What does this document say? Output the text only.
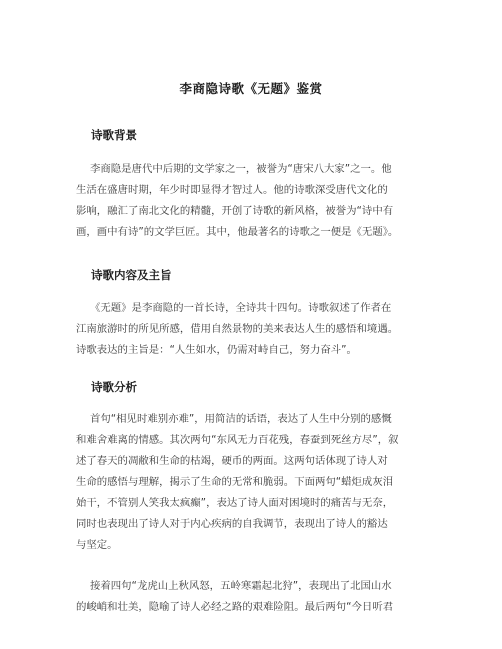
李商隐诗歌《无题》鉴赏
诗歌背景
李商隐是唐代中后期的文学家之一，被誉为“唐宋八大家”之一。他
生活在盛唐时期，年少时即显得才智过人。他的诗歌深受唐代文化的
影响，融汇了南北文化的精髓，开创了诗歌的新风格，被誉为“诗中有
画，画中有诗”的文学巨匠。其中，他最著名的诗歌之一便是《无题》。
诗歌内容及主旨
《无题》是李商隐的一首长诗，全诗共十四句。诗歌叙述了作者在
江南旅游时的所见所感，借用自然景物的美来表达人生的感悟和境遇。
诗歌表达的主旨是：“人生如水，仍需对峙自己，努力奋斗”。
诗歌分析
首句“相见时难别亦难”，用简洁的话语，表达了人生中分别的感慨
和难舍难离的情感。其次两句“东风无力百花残，春蚕到死丝方尽”，叙
述了春天的凋敝和生命的枯竭，硬币的两面。这两句话体现了诗人对
生命的感悟与理解，揭示了生命的无常和脆弱。下面两句“蜡炬成灰泪
始干，不管别人笑我太疯癫”，表达了诗人面对困境时的痛苦与无奈，
同时也表现出了诗人对于内心疾病的自我调节，表现出了诗人的豁达
与坚定。
接着四句“龙虎山上秋风怒，五岭寒霜起北狩”，表现出了北国山水
的峻峭和壮美，隐喻了诗人必经之路的艰难险阻。最后两句“今日听君
